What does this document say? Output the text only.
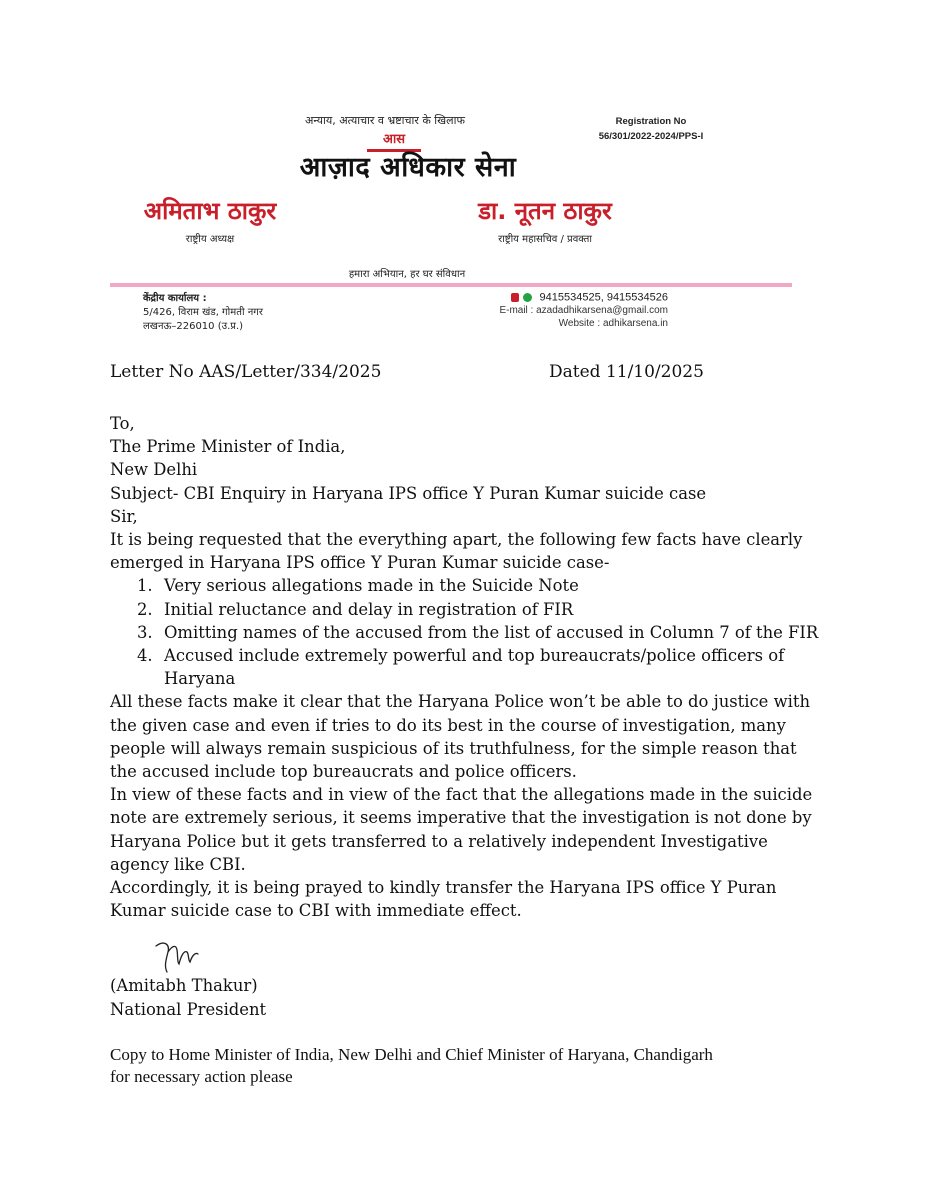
अन्याय, अत्याचार व भ्रष्टाचार के खिलाफ	Registration No
56/301/2022-2024/PPS-I
आस
आज़ाद अधिकार सेना
अमिताभ ठाकुर
राष्ट्रीय अध्यक्ष
डा. नूतन ठाकुर
राष्ट्रीय महासचिव / प्रवक्ता
हमारा अभियान, हर घर संविधान
केंद्रीय कार्यालय :
5/426, विराम खंड, गोमती नगर
लखनऊ–226010 (उ.प्र.)
9415534525, 9415534526
E-mail : azadadhikarsena@gmail.com
Website : adhikarsena.in
Letter No AAS/Letter/334/2025	Dated 11/10/2025
To,
The Prime Minister of India,
New Delhi
Subject- CBI Enquiry in Haryana IPS office Y Puran Kumar suicide case
Sir,
It is being requested that the everything apart, the following few facts have clearly
emerged in Haryana IPS office Y Puran Kumar suicide case-
1. Very serious allegations made in the Suicide Note
2. Initial reluctance and delay in registration of FIR
3. Omitting names of the accused from the list of accused in Column 7 of the FIR
4. Accused include extremely powerful and top bureaucrats/police officers of
Haryana
All these facts make it clear that the Haryana Police won’t be able to do justice with
the given case and even if tries to do its best in the course of investigation, many
people will always remain suspicious of its truthfulness, for the simple reason that
the accused include top bureaucrats and police officers.
In view of these facts and in view of the fact that the allegations made in the suicide
note are extremely serious, it seems imperative that the investigation is not done by
Haryana Police but it gets transferred to a relatively independent Investigative
agency like CBI.
Accordingly, it is being prayed to kindly transfer the Haryana IPS office Y Puran
Kumar suicide case to CBI with immediate effect.
(Amitabh Thakur)
National President
Copy to Home Minister of India, New Delhi and Chief Minister of Haryana, Chandigarh
for necessary action please
